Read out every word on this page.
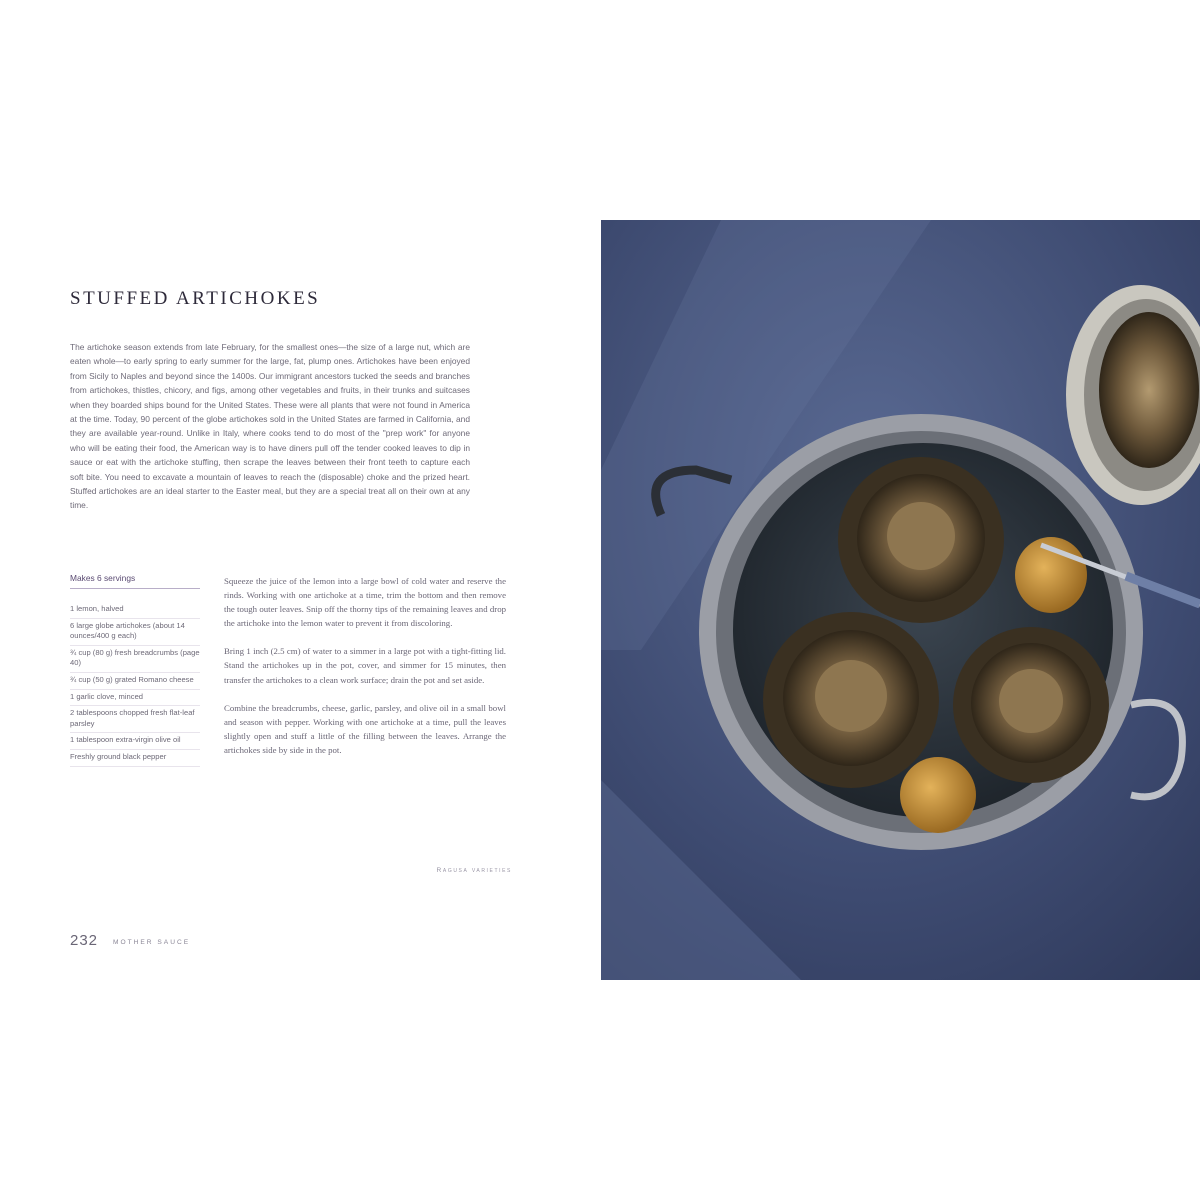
STUFFED ARTICHOKES

The artichoke season extends from late February, for the smallest ones—the size of a large nut, which are eaten whole—to early spring to early summer for the large, fat, plump ones. Artichokes have been enjoyed from Sicily to Naples and beyond since the 1400s. Our immigrant ancestors tucked the seeds and branches from artichokes, thistles, chicory, and figs, among other vegetables and fruits, in their trunks and suitcases when they boarded ships bound for the United States. These were all plants that were not found in America at the time. Today, 90 percent of the globe artichokes sold in the United States are farmed in California, and they are available year-round. Unlike in Italy, where cooks tend to do most of the "prep work" for anyone who will be eating their food, the American way is to have diners pull off the tender cooked leaves to dip in sauce or eat with the artichoke stuffing, then scrape the leaves between their front teeth to capture each soft bite. You need to excavate a mountain of leaves to reach the (disposable) choke and the prized heart. Stuffed artichokes are an ideal starter to the Easter meal, but they are a special treat all on their own at any time.

Makes 6 servings
1 lemon, halved
6 large globe artichokes (about 14 ounces/400 g each)
¾ cup (80 g) fresh breadcrumbs (page 40)
¾ cup (50 g) grated Romano cheese
1 garlic clove, minced
2 tablespoons chopped fresh flat-leaf parsley
1 tablespoon extra-virgin olive oil
Freshly ground black pepper

Squeeze the juice of the lemon into a large bowl of cold water and reserve the rinds. Working with one artichoke at a time, trim the bottom and then remove the tough outer leaves. Snip off the thorny tips of the remaining leaves and drop the artichoke into the lemon water to prevent it from discoloring.

Bring 1 inch (2.5 cm) of water to a simmer in a large pot with a tight-fitting lid. Stand the artichokes up in the pot, cover, and simmer for 15 minutes, then transfer the artichokes to a clean work surface; drain the pot and set aside.

Combine the breadcrumbs, cheese, garlic, parsley, and olive oil in a small bowl and season with pepper. Working with one artichoke at a time, pull the leaves slightly open and stuff a little of the filling between the leaves. Arrange the artichokes side by side in the pot.

Ragusa varieties
232 MOTHER SAUCE
